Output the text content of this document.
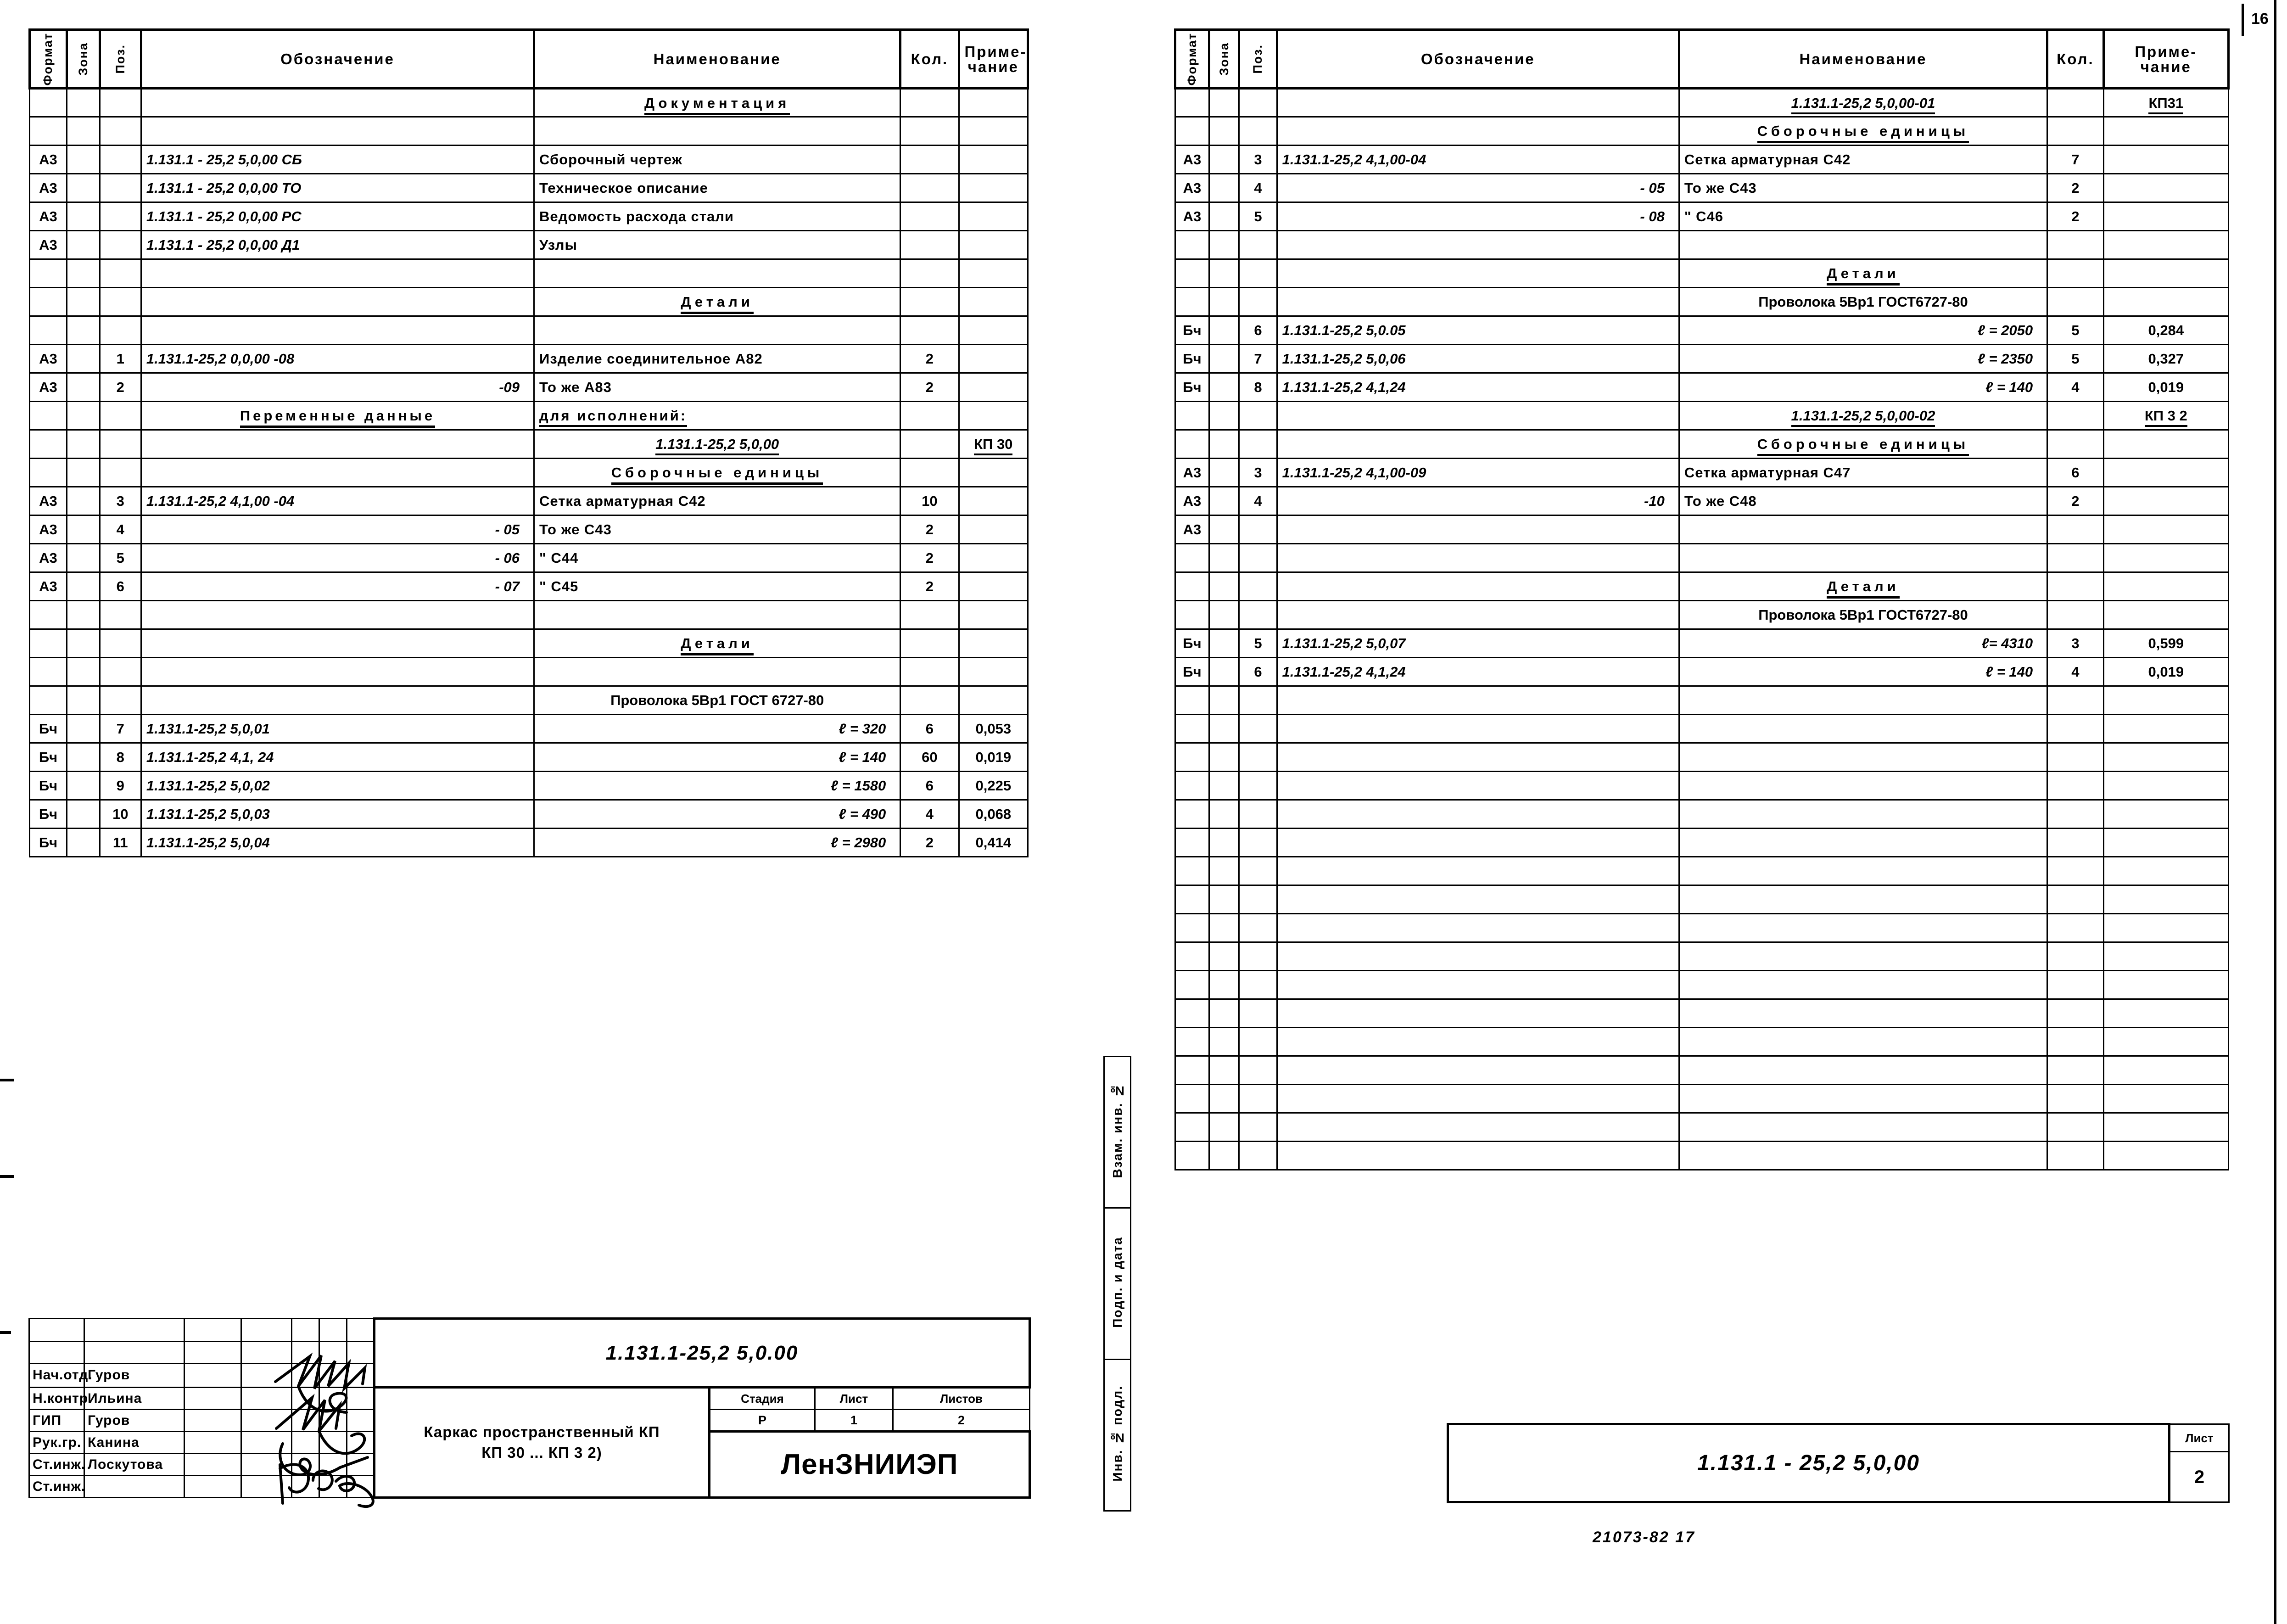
Формат	Зона	Поз.	Обозначение	Наименование	Кол.	Приме-
чание

				Документация		

А3			1.131.1 - 25,2 5,0,00 СБ	Сборочный чертеж		
А3			1.131.1 - 25,2 0,0,00 ТО	Техническое описание		
А3			1.131.1 - 25,2 0,0,00 РС	Ведомость расхода стали		
А3			1.131.1 - 25,2 0,0,00 Д1	Узлы		

				Детали		

А3		1	1.131.1-25,2 0,0,00 -08	Изделие соединительное А82	2	
А3		2	-09	То же А83	2	
			Переменные данные	для исполнений:		
				1.131.1-25,2 5,0,00		КП 30
				Сборочные единицы		
А3		3	1.131.1-25,2 4,1,00 -04	Сетка арматурная С42	10	
А3		4	- 05	То же С43	2	
А3		5	- 06	" С44	2	
А3		6	- 07	" С45	2	

				Детали		

				Проволока 5Вр1 ГОСТ 6727-80		
Бч		7	1.131.1-25,2 5,0,01	ℓ = 320	6	0,053
Бч		8	1.131.1-25,2 4,1, 24	ℓ = 140	60	0,019
Бч		9	1.131.1-25,2 5,0,02	ℓ = 1580	6	0,225
Бч		10	1.131.1-25,2 5,0,03	ℓ = 490	4	0,068
Бч		11	1.131.1-25,2 5,0,04	ℓ = 2980	2	0,414
							1.131.1-25,2 5,0.00			

Нач.отд.	Гуров									
Н.контр.	Ильина						Каркас пространственный КП
КП 30 ... КП 3 2)	Стадия	Лист	Листов
ГИП	Гуров							Р	1	2
Рук.гр.	Канина							ЛенЗНИИЭП		
Ст.инж.	Лоскутова									
Ст.инж.										
Взам. инв. №
Подп. и дата
Инв. № подл.
Формат	Зона	Поз.	Обозначение	Наименование	Кол.	Приме-
чание

				1.131.1-25,2 5,0,00-01		КП31
				Сборочные единицы		
А3		3	1.131.1-25,2 4,1,00-04	Сетка арматурная С42	7	
А3		4	- 05	То же С43	2	
А3		5	- 08	" С46	2	

				Детали		
				Проволока 5Вр1 ГОСТ6727-80		
Бч		6	1.131.1-25,2 5,0.05	ℓ = 2050	5	0,284
Бч		7	1.131.1-25,2 5,0,06	ℓ = 2350	5	0,327
Бч		8	1.131.1-25,2 4,1,24	ℓ = 140	4	0,019
				1.131.1-25,2 5,0,00-02		КП 3 2
				Сборочные единицы		
А3		3	1.131.1-25,2 4,1,00-09	Сетка арматурная С47	6	
А3		4	-10	То же С48	2	
А3						

				Детали		
				Проволока 5Вр1 ГОСТ6727-80		
Бч		5	1.131.1-25,2 5,0,07	ℓ= 4310	3	0,599
Бч		6	1.131.1-25,2 4,1,24	ℓ = 140	4	0,019

1.131.1 - 25,2 5,0,00	Лист
2
16
21073-82 17
